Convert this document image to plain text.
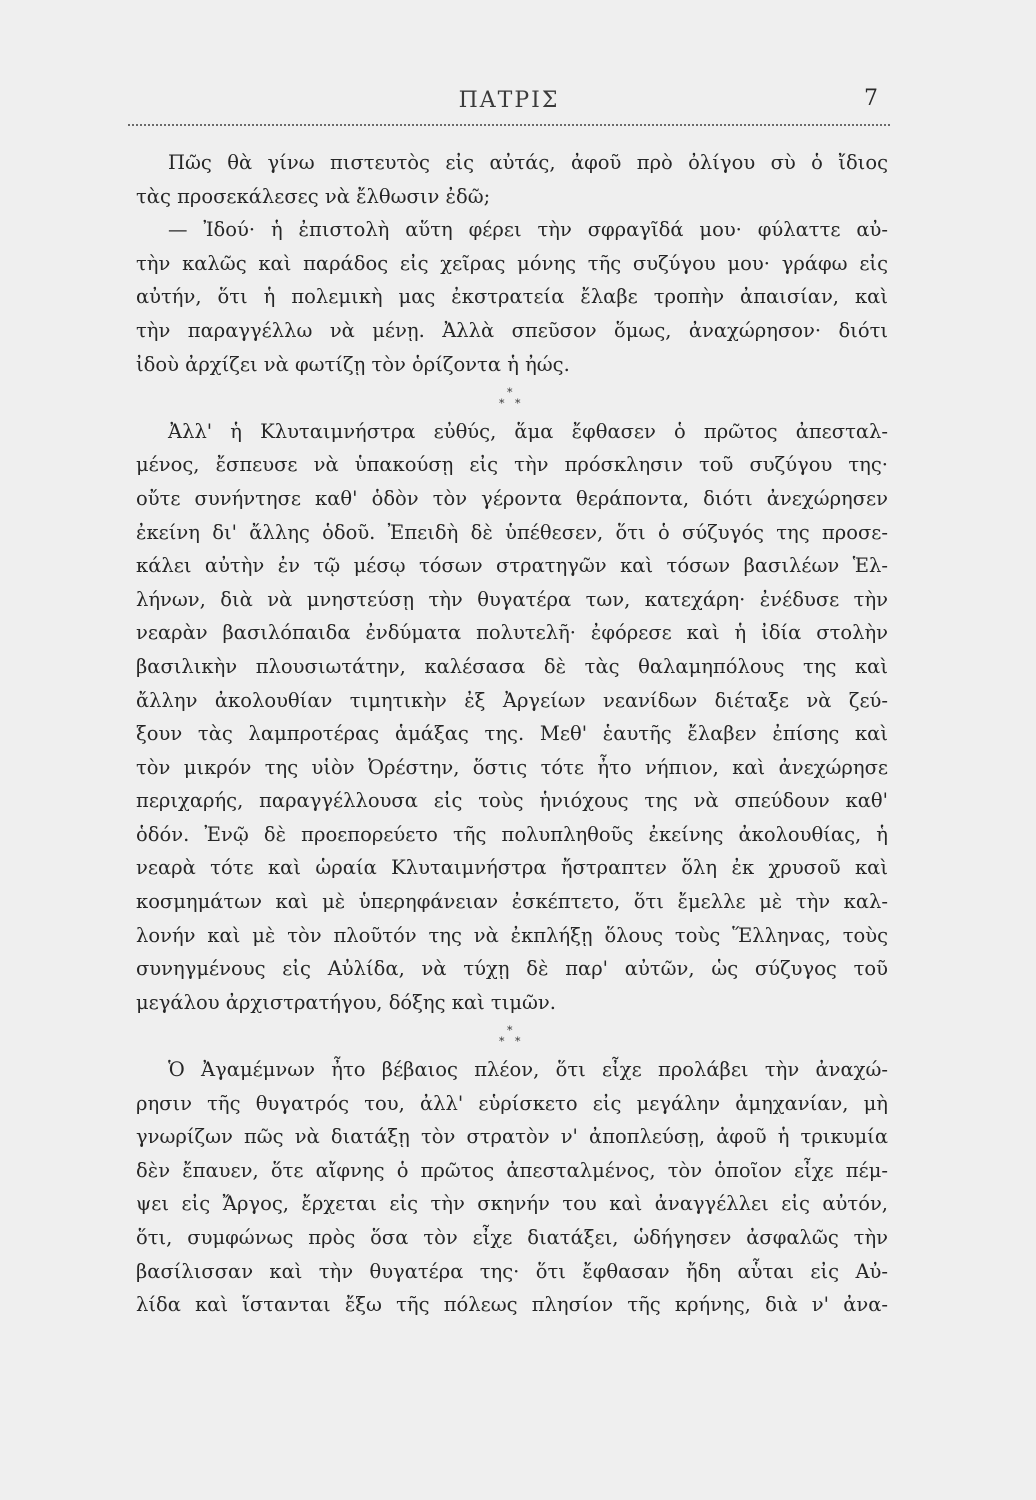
ΠΑΤΡΙΣ	7
Πῶς θὰ γίνω πιστευτὸς εἰς αὐτάς, ἀφοῦ πρὸ ὀλίγου σὺ ὁ ἴδιος
τὰς προσεκάλεσες νὰ ἔλθωσιν ἐδῶ;
— Ἰδού· ἡ ἐπιστολὴ αὕτη φέρει τὴν σφραγῖδά μου· φύλαττε αὐ-
τὴν καλῶς καὶ παράδος εἰς χεῖρας μόνης τῆς συζύγου μου· γράφω εἰς
αὐτήν, ὅτι ἡ πολεμικὴ μας ἐκστρατεία ἔλαβε τροπὴν ἀπαισίαν, καὶ
τὴν παραγγέλλω νὰ μένῃ. Ἀλλὰ σπεῦσον ὅμως, ἀναχώρησον· διότι
ἰδοὺ ἀρχίζει νὰ φωτίζῃ τὸν ὁρίζοντα ἡ ἠώς.
*
* *
Ἀλλ' ἡ Κλυταιμνήστρα εὐθύς, ἅμα ἔφθασεν ὁ πρῶτος ἀπεσταλ-
μένος, ἔσπευσε νὰ ὑπακούσῃ εἰς τὴν πρόσκλησιν τοῦ συζύγου της·
οὔτε συνήντησε καθ' ὁδὸν τὸν γέροντα θεράποντα, διότι ἀνεχώρησεν
ἐκείνη δι' ἄλλης ὁδοῦ. Ἐπειδὴ δὲ ὑπέθεσεν, ὅτι ὁ σύζυγός της προσε-
κάλει αὐτὴν ἐν τῷ μέσῳ τόσων στρατηγῶν καὶ τόσων βασιλέων Ἑλ-
λήνων, διὰ νὰ μνηστεύσῃ τὴν θυγατέρα των, κατεχάρη· ἐνέδυσε τὴν
νεαρὰν βασιλόπαιδα ἐνδύματα πολυτελῆ· ἐφόρεσε καὶ ἡ ἰδία στολὴν
βασιλικὴν πλουσιωτάτην, καλέσασα δὲ τὰς θαλαμηπόλους της καὶ
ἄλλην ἀκολουθίαν τιμητικὴν ἐξ Ἀργείων νεανίδων διέταξε νὰ ζεύ-
ξουν τὰς λαμπροτέρας ἁμάξας της. Μεθ' ἑαυτῆς ἔλαβεν ἐπίσης καὶ
τὸν μικρόν της υἱὸν Ὀρέστην, ὅστις τότε ἦτο νήπιον, καὶ ἀνεχώρησε
περιχαρής, παραγγέλλουσα εἰς τοὺς ἡνιόχους της νὰ σπεύδουν καθ'
ὁδόν. Ἐνῷ δὲ προεπορεύετο τῆς πολυπληθοῦς ἐκείνης ἀκολουθίας, ἡ
νεαρὰ τότε καὶ ὡραία Κλυταιμνήστρα ἤστραπτεν ὅλη ἐκ χρυσοῦ καὶ
κοσμημάτων καὶ μὲ ὑπερηφάνειαν ἐσκέπτετο, ὅτι ἔμελλε μὲ τὴν καλ-
λονήν καὶ μὲ τὸν πλοῦτόν της νὰ ἐκπλήξῃ ὅλους τοὺς Ἕλληνας, τοὺς
συνηγμένους εἰς Αὐλίδα, νὰ τύχῃ δὲ παρ' αὐτῶν, ὡς σύζυγος τοῦ
μεγάλου ἀρχιστρατήγου, δόξης καὶ τιμῶν.
*
* *
Ὁ Ἀγαμέμνων ἦτο βέβαιος πλέον, ὅτι εἶχε προλάβει τὴν ἀναχώ-
ρησιν τῆς θυγατρός του, ἀλλ' εὑρίσκετο εἰς μεγάλην ἀμηχανίαν, μὴ
γνωρίζων πῶς νὰ διατάξῃ τὸν στρατὸν ν' ἀποπλεύσῃ, ἀφοῦ ἡ τρικυμία
δὲν ἔπαυεν, ὅτε αἴφνης ὁ πρῶτος ἀπεσταλμένος, τὸν ὁποῖον εἶχε πέμ-
ψει εἰς Ἄργος, ἔρχεται εἰς τὴν σκηνήν του καὶ ἀναγγέλλει εἰς αὐτόν,
ὅτι, συμφώνως πρὸς ὅσα τὸν εἶχε διατάξει, ὡδήγησεν ἀσφαλῶς τὴν
βασίλισσαν καὶ τὴν θυγατέρα της· ὅτι ἔφθασαν ἤδη αὗται εἰς Αὐ-
λίδα καὶ ἵστανται ἔξω τῆς πόλεως πλησίον τῆς κρήνης, διὰ ν' ἀνα-
